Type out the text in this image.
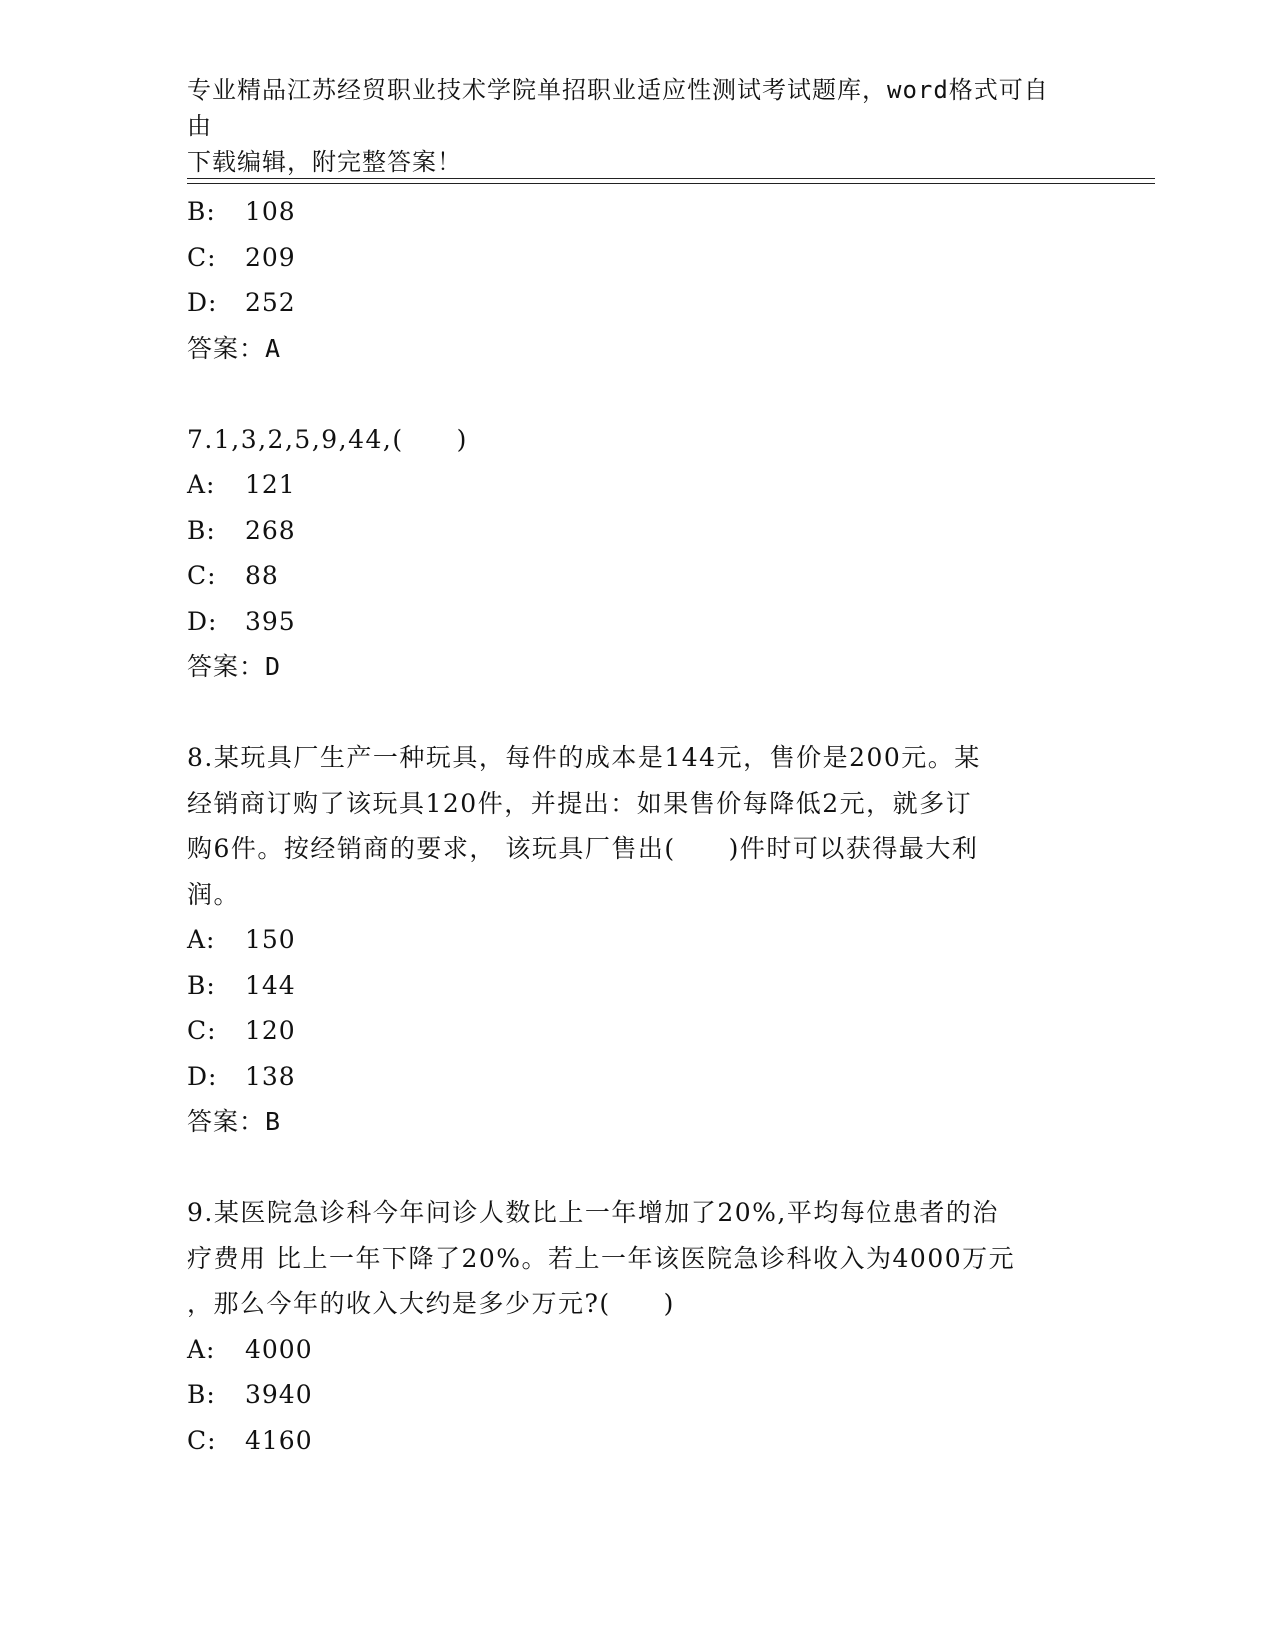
专业精品江苏经贸职业技术学院单招职业适应性测试考试题库，word格式可自由
下载编辑，附完整答案！
B: 108
C: 209
D: 252
答案：A
7.1,3,2,5,9,44,(　　)
A: 121
B: 268
C: 88
D: 395
答案：D
8.某玩具厂生产一种玩具，每件的成本是144元，售价是200元。某
经销商订购了该玩具120件，并提出：如果售价每降低2元，就多订
购6件。按经销商的要求， 该玩具厂售出(　　)件时可以获得最大利
润。
A: 150
B: 144
C: 120
D: 138
答案：B
9.某医院急诊科今年问诊人数比上一年增加了20%,平均每位患者的治
疗费用 比上一年下降了20%。若上一年该医院急诊科收入为4000万元
，那么今年的收入大约是多少万元?(　　)
A: 4000
B: 3940
C: 4160
